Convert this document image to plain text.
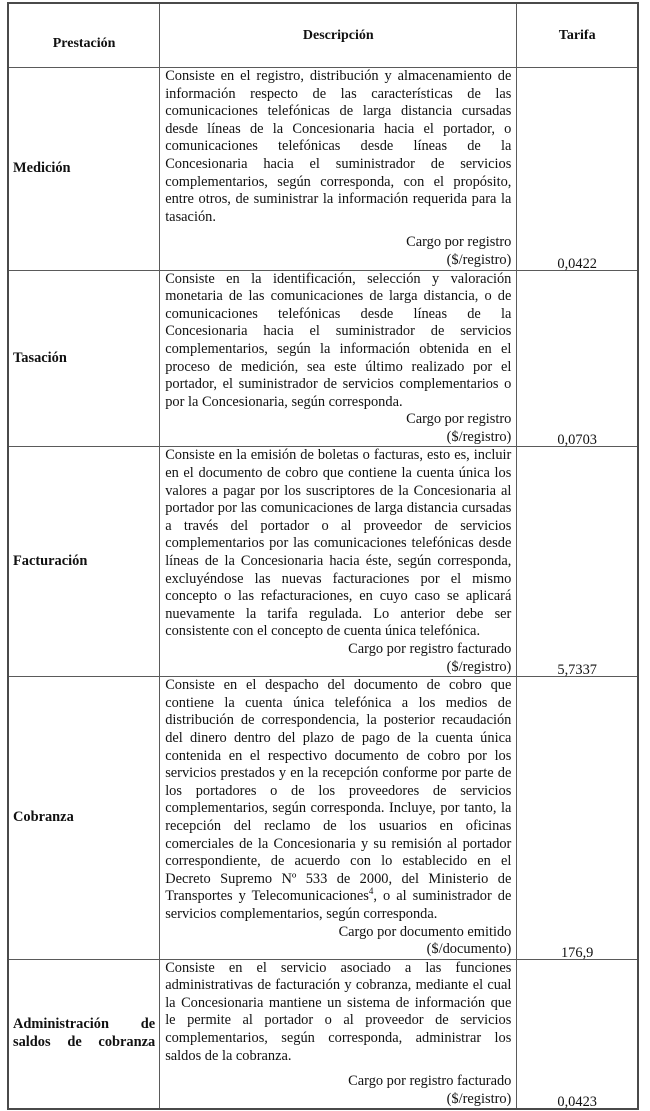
Prestación	Descripción	Tarifa
Medición	Consiste en el registro, distribución y almacenamiento de información respecto de las características de las comunicaciones telefónicas de larga distancia cursadas desde líneas de la Concesionaria hacia el portador, o comunicaciones telefónicas desde líneas de la Concesionaria hacia el suministrador de servicios complementarios, según corresponda, con el propósito, entre otros, de suministrar la información requerida para la tasación.
Cargo por registro
($/registro)	0,0422

Tasación	Consiste en la identificación, selección y valoración monetaria de las comunicaciones de larga distancia, o de comunicaciones telefónicas desde líneas de la Concesionaria hacia el suministrador de servicios complementarios, según la información obtenida en el proceso de medición, sea este último realizado por el portador, el suministrador de servicios complementarios o por la Concesionaria, según corresponda.
Cargo por registro
($/registro)	0,0703

Facturación	Consiste en la emisión de boletas o facturas, esto es, incluir en el documento de cobro que contiene la cuenta única los valores a pagar por los suscriptores de la Concesionaria al portador por las comunicaciones de larga distancia cursadas a través del portador o al proveedor de servicios complementarios por las comunicaciones telefónicas desde líneas de la Concesionaria hacia éste, según corresponda, excluyéndose las nuevas facturaciones por el mismo concepto o las refacturaciones, en cuyo caso se aplicará nuevamente la tarifa regulada. Lo anterior debe ser consistente con el concepto de cuenta única telefónica.
Cargo por registro facturado
($/registro)	5,7337

Cobranza	Consiste en el despacho del documento de cobro que contiene la cuenta única telefónica a los medios de distribución de correspondencia, la posterior recaudación del dinero dentro del plazo de pago de la cuenta única contenida en el respectivo documento de cobro por los servicios prestados y en la recepción conforme por parte de los portadores o de los proveedores de servicios complementarios, según corresponda. Incluye, por tanto, la recepción del reclamo de los usuarios en oficinas comerciales de la Concesionaria y su remisión al portador correspondiente, de acuerdo con lo establecido en el Decreto Supremo Nº 533 de 2000, del Ministerio de Transportes y Telecomunicaciones$^4$, o al suministrador de servicios complementarios, según corresponda.
Cargo por documento emitido
($/documento)	176,9

Administración de saldos de cobranza	Consiste en el servicio asociado a las funciones administrativas de facturación y cobranza, mediante el cual la Concesionaria mantiene un sistema de información que le permite al portador o al proveedor de servicios complementarios, según corresponda, administrar los saldos de la cobranza.
Cargo por registro facturado
($/registro)	0,0423
